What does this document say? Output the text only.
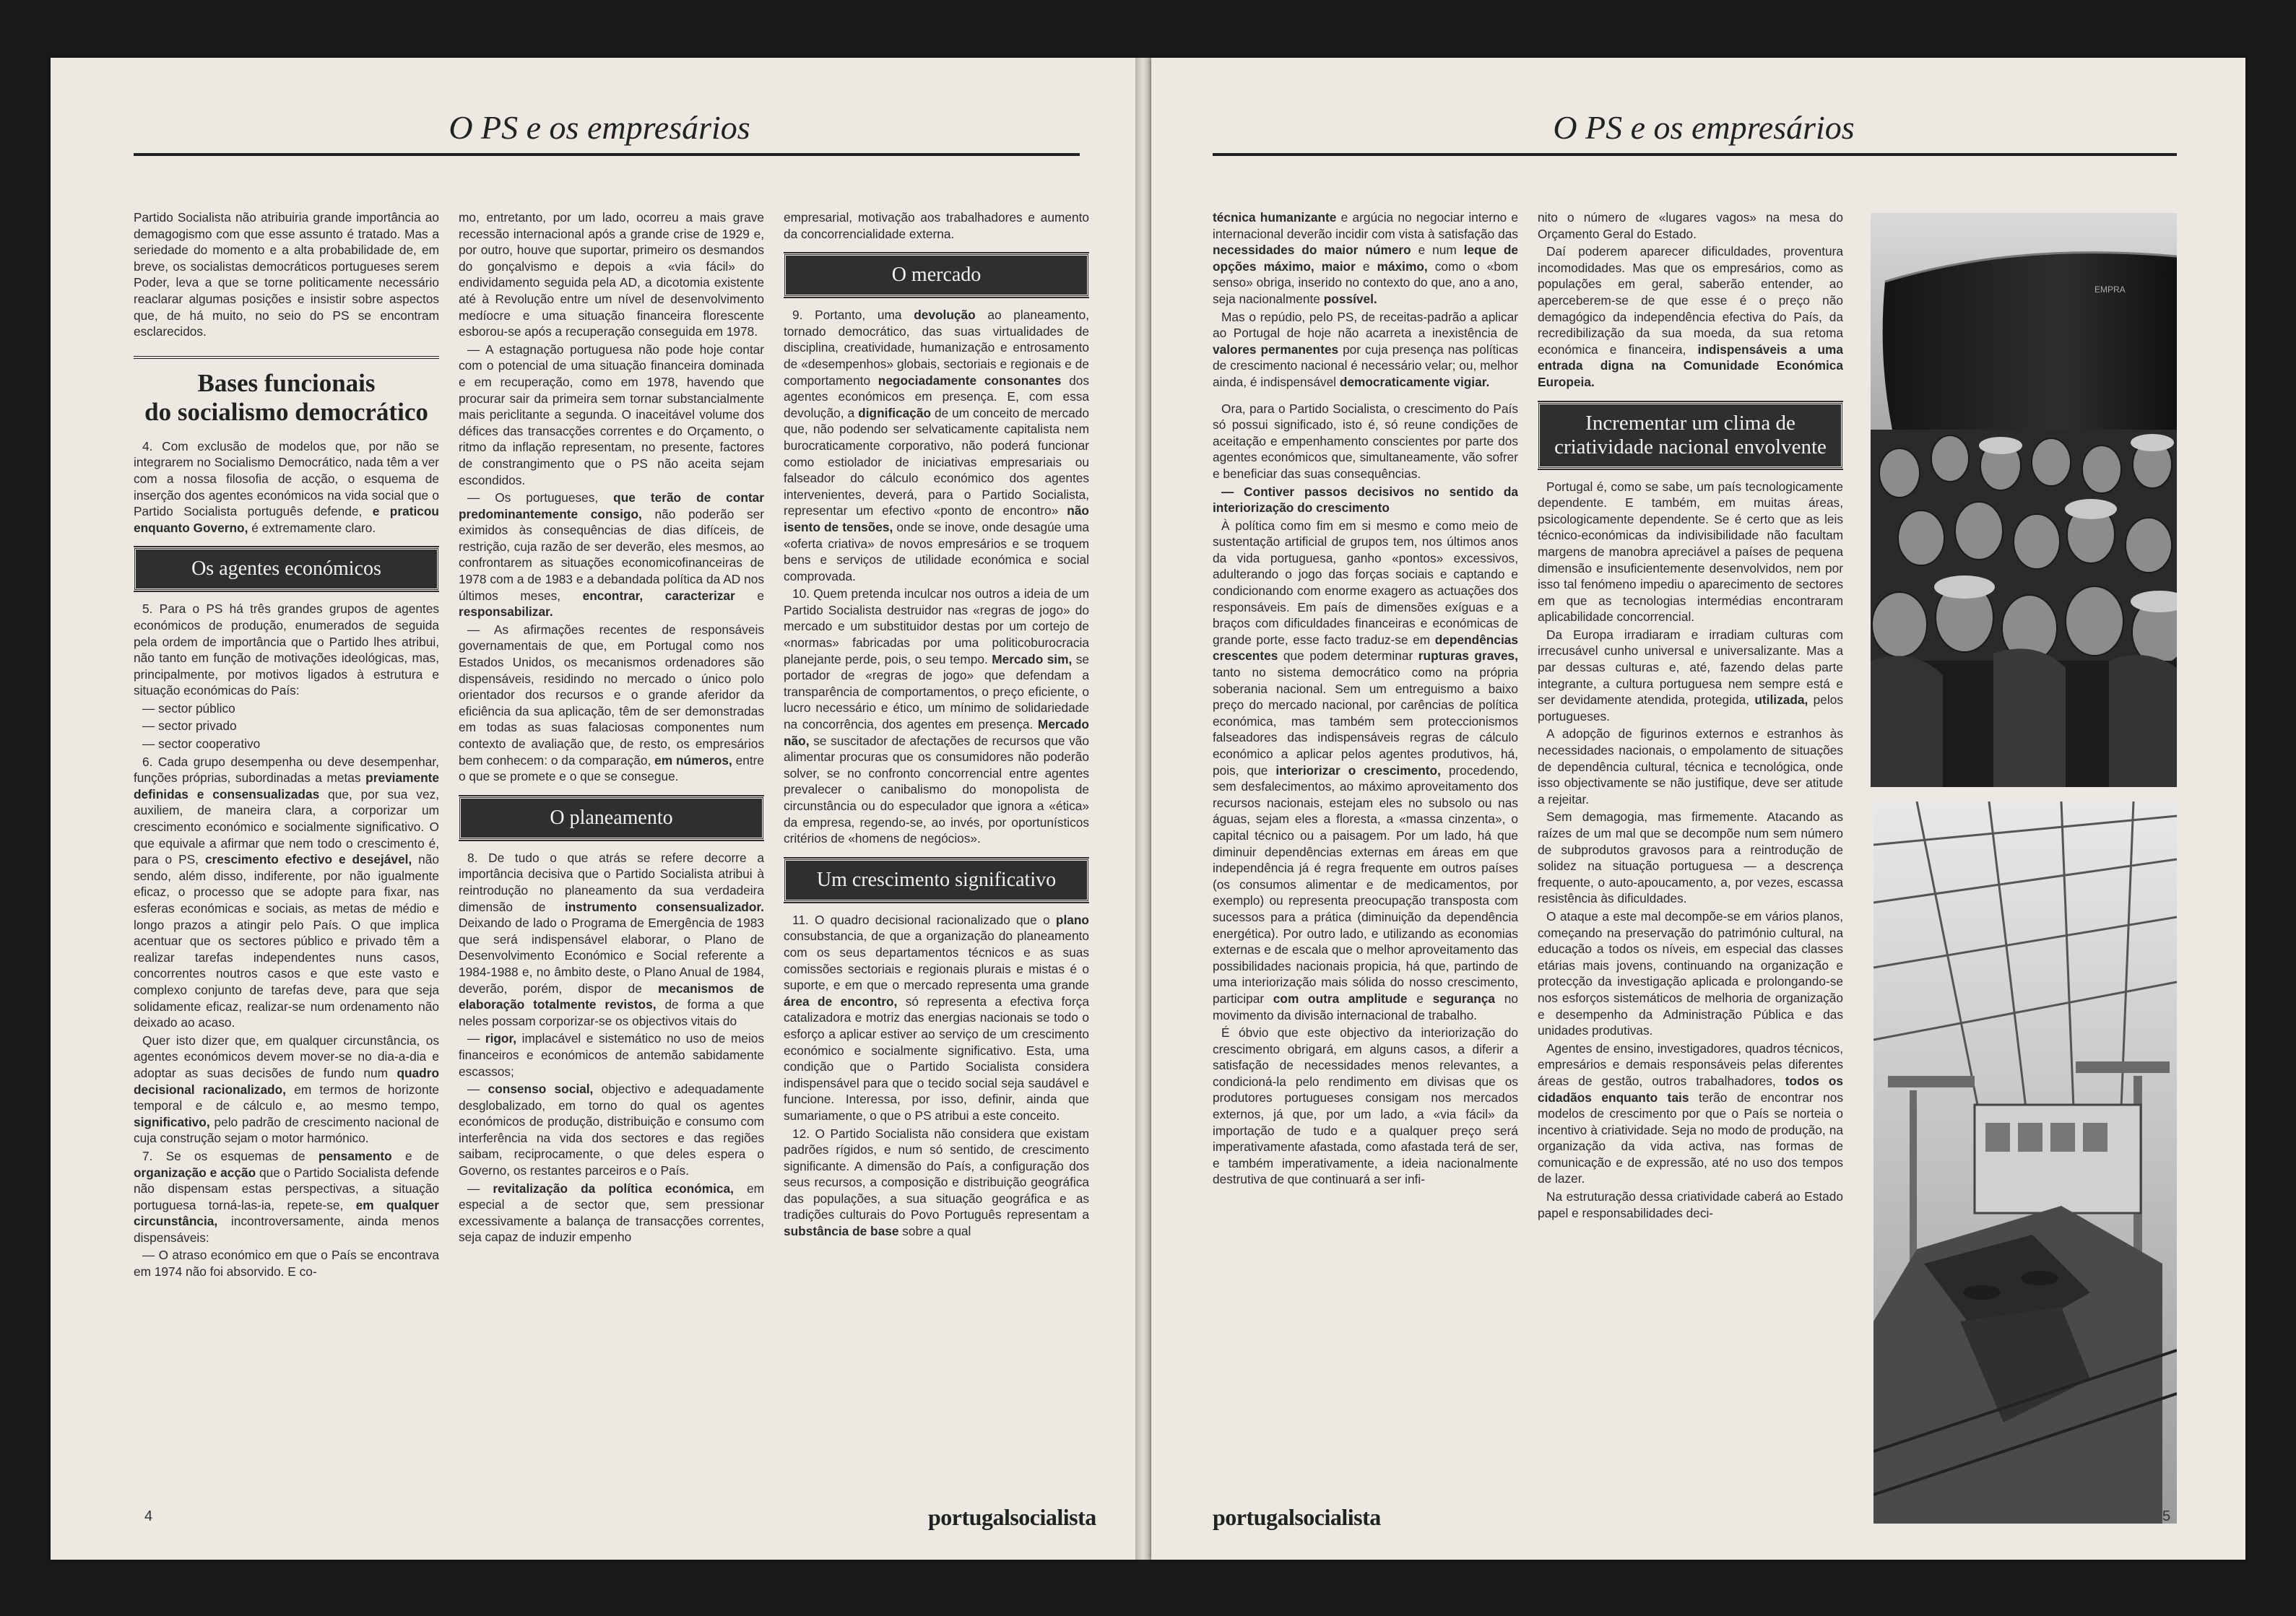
O PS e os empresários

Partido Socialista não atribuiria grande importância ao demagogismo com que esse assunto é tratado. Mas a seriedade do momento e a alta probabilidade de, em breve, os socialistas democráticos portugueses serem Poder, leva a que se torne politicamente necessário reaclarar algumas posições e insistir sobre aspectos que, de há muito, no seio do PS se encontram esclarecidos.

Bases funcionais
do socialismo democrático

4. Com exclusão de modelos que, por não se integrarem no Socialismo Democrático, nada têm a ver com a nossa filosofia de acção, o esquema de inserção dos agentes económicos na vida social que o Partido Socialista português defende, e praticou enquanto Governo, é extremamente claro.

Os agentes económicos

5. Para o PS há três grandes grupos de agentes económicos de produção, enumerados de seguida pela ordem de importância que o Partido lhes atribui, não tanto em função de motivações ideológicas, mas, principalmente, por motivos ligados à estrutura e situação económicas do País:

— sector público

— sector privado

— sector cooperativo

6. Cada grupo desempenha ou deve desempenhar, funções próprias, subordinadas a metas previamente definidas e consensualizadas que, por sua vez, auxiliem, de maneira clara, a corporizar um crescimento económico e socialmente significativo. O que equivale a afirmar que nem todo o crescimento é, para o PS, crescimento efectivo e desejável, não sendo, além disso, indiferente, por não igualmente eficaz, o processo que se adopte para fixar, nas esferas económicas e sociais, as metas de médio e longo prazos a atingir pelo País. O que implica acentuar que os sectores público e privado têm a realizar tarefas independentes nuns casos, concorrentes noutros casos e que este vasto e complexo conjunto de tarefas deve, para que seja solidamente eficaz, realizar-se num ordenamento não deixado ao acaso.

Quer isto dizer que, em qualquer circunstância, os agentes económicos devem mover-se no dia-a-dia e adoptar as suas decisões de fundo num quadro decisional racionalizado, em termos de horizonte temporal e de cálculo e, ao mesmo tempo, significativo, pelo padrão de crescimento nacional de cuja construção sejam o motor harmónico.

7. Se os esquemas de pensamento e de organização e acção que o Partido Socialista defende não dispensam estas perspectivas, a situação portuguesa torná-las-ia, repete-se, em qualquer circunstância, incontroversamente, ainda menos dispensáveis:

— O atraso económico em que o País se encontrava em 1974 não foi absorvido. E co-

mo, entretanto, por um lado, ocorreu a mais grave recessão internacional após a grande crise de 1929 e, por outro, houve que suportar, primeiro os desmandos do gonçalvismo e depois a «via fácil» do endividamento seguida pela AD, a dicotomia existente até à Revolução entre um nível de desenvolvimento medíocre e uma situação financeira florescente esborou-se após a recuperação conseguida em 1978.

— A estagnação portuguesa não pode hoje contar com o potencial de uma situação financeira dominada e em recuperação, como em 1978, havendo que procurar sair da primeira sem tornar substancialmente mais periclitante a segunda. O inaceitável volume dos défices das transacções correntes e do Orçamento, o ritmo da inflação representam, no presente, factores de constrangimento que o PS não aceita sejam escondidos.

— Os portugueses, que terão de contar predominantemente consigo, não poderão ser eximidos às consequências de dias difíceis, de restrição, cuja razão de ser deverão, eles mesmos, ao confrontarem as situações economicofinanceiras de 1978 com a de 1983 e a debandada política da AD nos últimos meses, encontrar, caracterizar e responsabilizar.

— As afirmações recentes de responsáveis governamentais de que, em Portugal como nos Estados Unidos, os mecanismos ordenadores são dispensáveis, residindo no mercado o único polo orientador dos recursos e o grande aferidor da eficiência da sua aplicação, têm de ser demonstradas em todas as suas falaciosas componentes num contexto de avaliação que, de resto, os empresários bem conhecem: o da comparação, em números, entre o que se promete e o que se consegue.

O planeamento

8. De tudo o que atrás se refere decorre a importância decisiva que o Partido Socialista atribui à reintrodução no planeamento da sua verdadeira dimensão de instrumento consensualizador. Deixando de lado o Programa de Emergência de 1983 que será indispensável elaborar, o Plano de Desenvolvimento Económico e Social referente a 1984-1988 e, no âmbito deste, o Plano Anual de 1984, deverão, porém, dispor de mecanismos de elaboração totalmente revistos, de forma a que neles possam corporizar-se os objectivos vitais do

— rigor, implacável e sistemático no uso de meios financeiros e económicos de antemão sabidamente escassos;

— consenso social, objectivo e adequadamente desglobalizado, em torno do qual os agentes económicos de produção, distribuição e consumo com interferência na vida dos sectores e das regiões saibam, reciprocamente, o que deles espera o Governo, os restantes parceiros e o País.

— revitalização da política económica, em especial a de sector que, sem pressionar excessivamente a balança de transacções correntes, seja capaz de induzir empenho

empresarial, motivação aos trabalhadores e aumento da concorrencialidade externa.

O mercado

9. Portanto, uma devolução ao planeamento, tornado democrático, das suas virtualidades de disciplina, creatividade, humanização e entrosamento de «desempenhos» globais, sectoriais e regionais e de comportamento negociadamente consonantes dos agentes económicos em presença. E, com essa devolução, a dignificação de um conceito de mercado que, não podendo ser selvaticamente capitalista nem burocraticamente corporativo, não poderá funcionar como estiolador de iniciativas empresariais ou falseador do cálculo económico dos agentes intervenientes, deverá, para o Partido Socialista, representar um efectivo «ponto de encontro» não isento de tensões, onde se inove, onde desagúe uma «oferta criativa» de novos empresários e se troquem bens e serviços de utilidade económica e social comprovada.

10. Quem pretenda inculcar nos outros a ideia de um Partido Socialista destruidor nas «regras de jogo» do mercado e um substituidor destas por um cortejo de «normas» fabricadas por uma politicoburocracia planejante perde, pois, o seu tempo. Mercado sim, se portador de «regras de jogo» que defendam a transparência de comportamentos, o preço eficiente, o lucro necessário e ético, um mínimo de solidariedade na concorrência, dos agentes em presença. Mercado não, se suscitador de afectações de recursos que vão alimentar procuras que os consumidores não poderão solver, se no confronto concorrencial entre agentes prevalecer o canibalismo do monopolista de circunstância ou do especulador que ignora a «ética» da empresa, regendo-se, ao invés, por oportunísticos critérios de «homens de negócios».

Um crescimento significativo

11. O quadro decisional racionalizado que o plano consubstancia, de que a organização do planeamento com os seus departamentos técnicos e as suas comissões sectoriais e regionais plurais e mistas é o suporte, e em que o mercado representa uma grande área de encontro, só representa a efectiva força catalizadora e motriz das energias nacionais se todo o esforço a aplicar estiver ao serviço de um crescimento económico e socialmente significativo. Esta, uma condição que o Partido Socialista considera indispensável para que o tecido social seja saudável e funcione. Interessa, por isso, definir, ainda que sumariamente, o que o PS atribui a este conceito.

12. O Partido Socialista não considera que existam padrões rígidos, e num só sentido, de crescimento significante. A dimensão do País, a configuração dos seus recursos, a composição e distribuição geográfica das populações, a sua situação geográfica e as tradições culturais do Povo Português representam a substância de base sobre a qual

4	portugalsocialista
O PS e os empresários

técnica humanizante e argúcia no negociar interno e internacional deverão incidir com vista à satisfação das necessidades do maior número e num leque de opções máximo, maior e máximo, como o «bom senso» obriga, inserido no contexto do que, ano a ano, seja nacionalmente possível.

Mas o repúdio, pelo PS, de receitas-padrão a aplicar ao Portugal de hoje não acarreta a inexistência de valores permanentes por cuja presença nas políticas de crescimento nacional é necessário velar; ou, melhor ainda, é indispensável democraticamente vigiar.

Ora, para o Partido Socialista, o crescimento do País só possui significado, isto é, só reune condições de aceitação e empenhamento conscientes por parte dos agentes económicos que, simultaneamente, vão sofrer e beneficiar das suas consequências.

— Contiver passos decisivos no sentido da interiorização do crescimento

À política como fim em si mesmo e como meio de sustentação artificial de grupos tem, nos últimos anos da vida portuguesa, ganho «pontos» excessivos, adulterando o jogo das forças sociais e captando e condicionando com enorme exagero as actuações dos responsáveis. Em país de dimensões exíguas e a braços com dificuldades financeiras e económicas de grande porte, esse facto traduz-se em dependências crescentes que podem determinar rupturas graves, tanto no sistema democrático como na própria soberania nacional. Sem um entreguismo a baixo preço do mercado nacional, por carências de política económica, mas também sem proteccionismos falseadores das indispensáveis regras de cálculo económico a aplicar pelos agentes produtivos, há, pois, que interiorizar o crescimento, procedendo, sem desfalecimentos, ao máximo aproveitamento dos recursos nacionais, estejam eles no subsolo ou nas águas, sejam eles a floresta, a «massa cinzenta», o capital técnico ou a paisagem. Por um lado, há que diminuir dependências externas em áreas em que independência já é regra frequente em outros países (os consumos alimentar e de medicamentos, por exemplo) ou representa preocupação transposta com sucessos para a prática (diminuição da dependência energética). Por outro lado, e utilizando as economias externas e de escala que o melhor aproveitamento das possibilidades nacionais propicia, há que, partindo de uma interiorização mais sólida do nosso crescimento, participar com outra amplitude e segurança no movimento da divisão internacional de trabalho.

É óbvio que este objectivo da interiorização do crescimento obrigará, em alguns casos, a diferir a satisfação de necessidades menos relevantes, a condicioná-la pelo rendimento em divisas que os produtores portugueses consigam nos mercados externos, já que, por um lado, a «via fácil» da importação de tudo e a qualquer preço será imperativamente afastada, como afastada terá de ser, e também imperativamente, a ideia nacionalmente destrutiva de que continuará a ser infi-

nito o número de «lugares vagos» na mesa do Orçamento Geral do Estado.

Daí poderem aparecer dificuldades, proventura incomodidades. Mas que os empresários, como as populações em geral, saberão entender, ao aperceberem-se de que esse é o preço não demagógico da independência efectiva do País, da recredibilização da sua moeda, da sua retoma económica e financeira, indispensáveis a uma entrada digna na Comunidade Económica Europeia.

Incrementar um clima de criatividade nacional envolvente

Portugal é, como se sabe, um país tecnologicamente dependente. E também, em muitas áreas, psicologicamente dependente. Se é certo que as leis técnico-económicas da indivisibilidade não facultam margens de manobra apreciável a países de pequena dimensão e insuficientemente desenvolvidos, nem por isso tal fenómeno impediu o aparecimento de sectores em que as tecnologias intermédias encontraram aplicabilidade concorrencial.

Da Europa irradiaram e irradiam culturas com irrecusável cunho universal e universalizante. Mas a par dessas culturas e, até, fazendo delas parte integrante, a cultura portuguesa nem sempre está e ser devidamente atendida, protegida, utilizada, pelos portugueses.

A adopção de figurinos externos e estranhos às necessidades nacionais, o empolamento de situações de dependência cultural, técnica e tecnológica, onde isso objectivamente se não justifique, deve ser atitude a rejeitar.

Sem demagogia, mas firmemente. Atacando as raízes de um mal que se decompõe num sem número de subprodutos gravosos para a reintrodução de solidez na situação portuguesa — a descrença frequente, o auto-apoucamento, a, por vezes, escassa resistência às dificuldades.

O ataque a este mal decompõe-se em vários planos, começando na preservação do património cultural, na educação a todos os níveis, em especial das classes etárias mais jovens, continuando na organização e protecção da investigação aplicada e prolongando-se nos esforços sistemáticos de melhoria de organização e desempenho da Administração Pública e das unidades produtivas.

Agentes de ensino, investigadores, quadros técnicos, empresários e demais responsáveis pelas diferentes áreas de gestão, outros trabalhadores, todos os cidadãos enquanto tais terão de encontrar nos modelos de crescimento por que o País se norteia o incentivo à criatividade. Seja no modo de produção, na organização da vida activa, nas formas de comunicação e de expressão, até no uso dos tempos de lazer.

Na estruturação dessa criatividade caberá ao Estado papel e responsabilidades deci-

EMPRA
portugalsocialista	5
